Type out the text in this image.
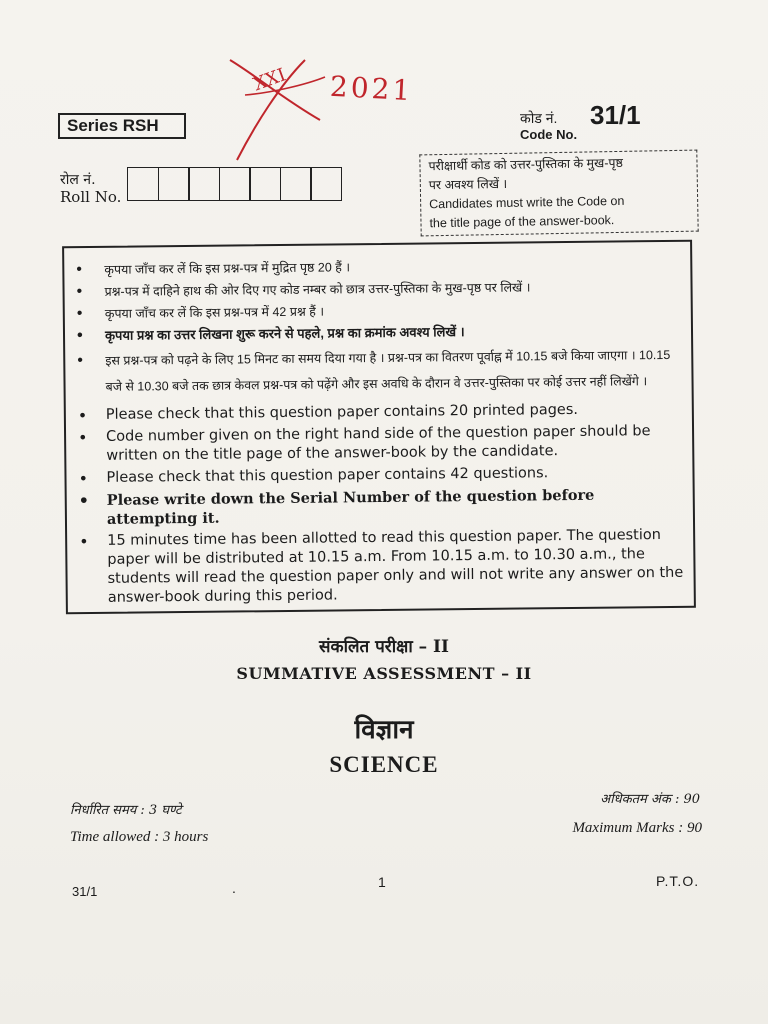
XXI 2021
Series RSH	कोड नं. 31/1
Code No.
रोल नं.
Roll No.
परीक्षार्थी कोड को उत्तर-पुस्तिका के मुख-पृष्ठ
पर अवश्य लिखें ।
Candidates must write the Code on
the title page of the answer-book.
• कृपया जाँच कर लें कि इस प्रश्न-पत्र में मुद्रित पृष्ठ 20 हैं ।
• प्रश्न-पत्र में दाहिने हाथ की ओर दिए गए कोड नम्बर को छात्र उत्तर-पुस्तिका के मुख-पृष्ठ पर लिखें ।
• कृपया जाँच कर लें कि इस प्रश्न-पत्र में 42 प्रश्न हैं ।
• कृपया प्रश्न का उत्तर लिखना शुरू करने से पहले, प्रश्न का क्रमांक अवश्य लिखें ।
• इस प्रश्न-पत्र को पढ़ने के लिए 15 मिनट का समय दिया गया है । प्रश्न-पत्र का वितरण पूर्वाह्न में 10.15 बजे किया जाएगा । 10.15 बजे से 10.30 बजे तक छात्र केवल प्रश्न-पत्र को पढ़ेंगे और इस अवधि के दौरान वे उत्तर-पुस्तिका पर कोई उत्तर नहीं लिखेंगे ।
• Please check that this question paper contains 20 printed pages.
• Code number given on the right hand side of the question paper should be written on the title page of the answer-book by the candidate.
• Please check that this question paper contains 42 questions.
• Please write down the Serial Number of the question before attempting it.
• 15 minutes time has been allotted to read this question paper. The question paper will be distributed at 10.15 a.m. From 10.15 a.m. to 10.30 a.m., the students will read the question paper only and will not write any answer on the answer-book during this period.
संकलित परीक्षा – II
SUMMATIVE ASSESSMENT – II
विज्ञान
SCIENCE
निर्धारित समय : 3 घण्टे
Time allowed : 3 hours
अधिकतम अंक : 90
Maximum Marks : 90
31/1	.	1	P.T.O.
